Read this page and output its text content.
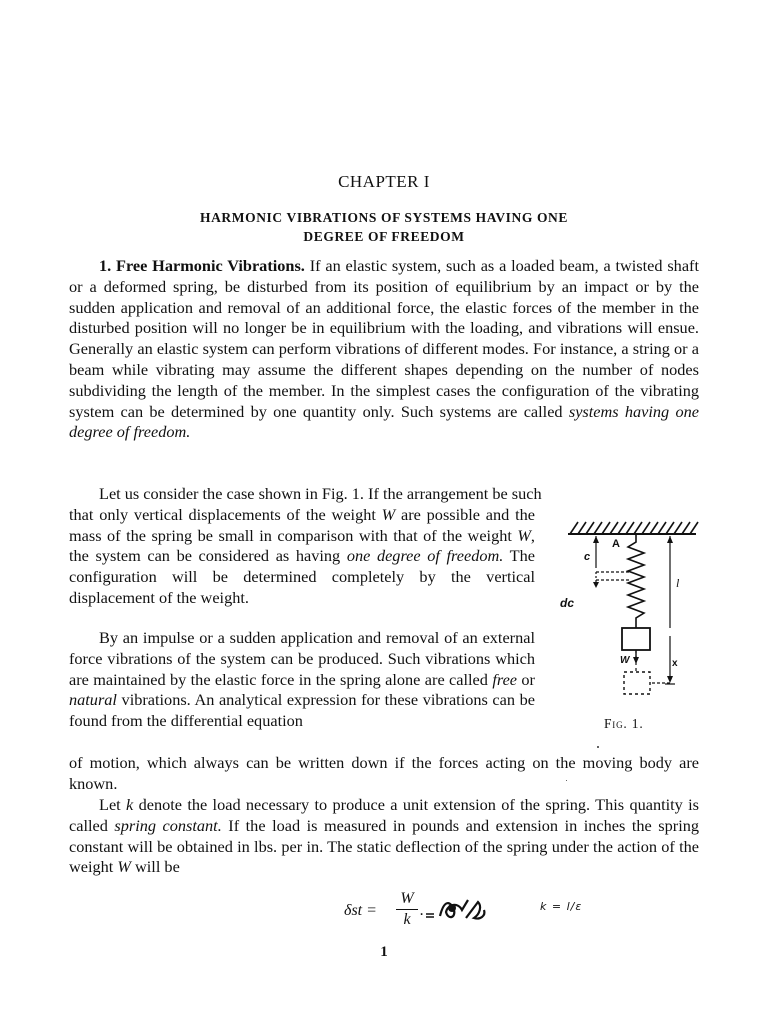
CHAPTER I
HARMONIC VIBRATIONS OF SYSTEMS HAVING ONE
DEGREE OF FREEDOM

1. Free Harmonic Vibrations. If an elastic system, such as a loaded beam, a twisted shaft or a deformed spring, be disturbed from its position of equilibrium by an impact or by the sudden application and removal of an additional force, the elastic forces of the member in the disturbed position will no longer be in equilibrium with the loading, and vibrations will ensue. Generally an elastic system can perform vibrations of different modes. For instance, a string or a beam while vibrating may assume the different shapes depending on the number of nodes subdividing the length of the member. In the simplest cases the configuration of the vibrating system can be determined by one quantity only. Such systems are called systems having one degree of freedom.

Let us consider the case shown in Fig. 1. If the arrangement be such

that only vertical displacements of the weight W are possible and the mass of the spring be small in comparison with that of the weight W, the system can be considered as having one degree of freedom. The configuration will be determined completely by the vertical displacement of the weight.

By an impulse or a sudden application and removal of an external force vibrations of the system can be produced. Such vibrations which are maintained by the elastic force in the spring alone are called free or natural vibrations. An analytical expression for these vibrations can be found from the differential equation

of motion, which always can be written down if the forces acting on the moving body are known.

Let k denote the load necessary to produce a unit extension of the spring. This quantity is called spring constant. If the load is measured in pounds and extension in inches the spring constant will be obtained in lbs. per in. The static deflection of the spring under the action of the weight W will be

A
c
dc
l
W	x
Fig. 1.
δst =
W
k
.	k = l/ε
1
